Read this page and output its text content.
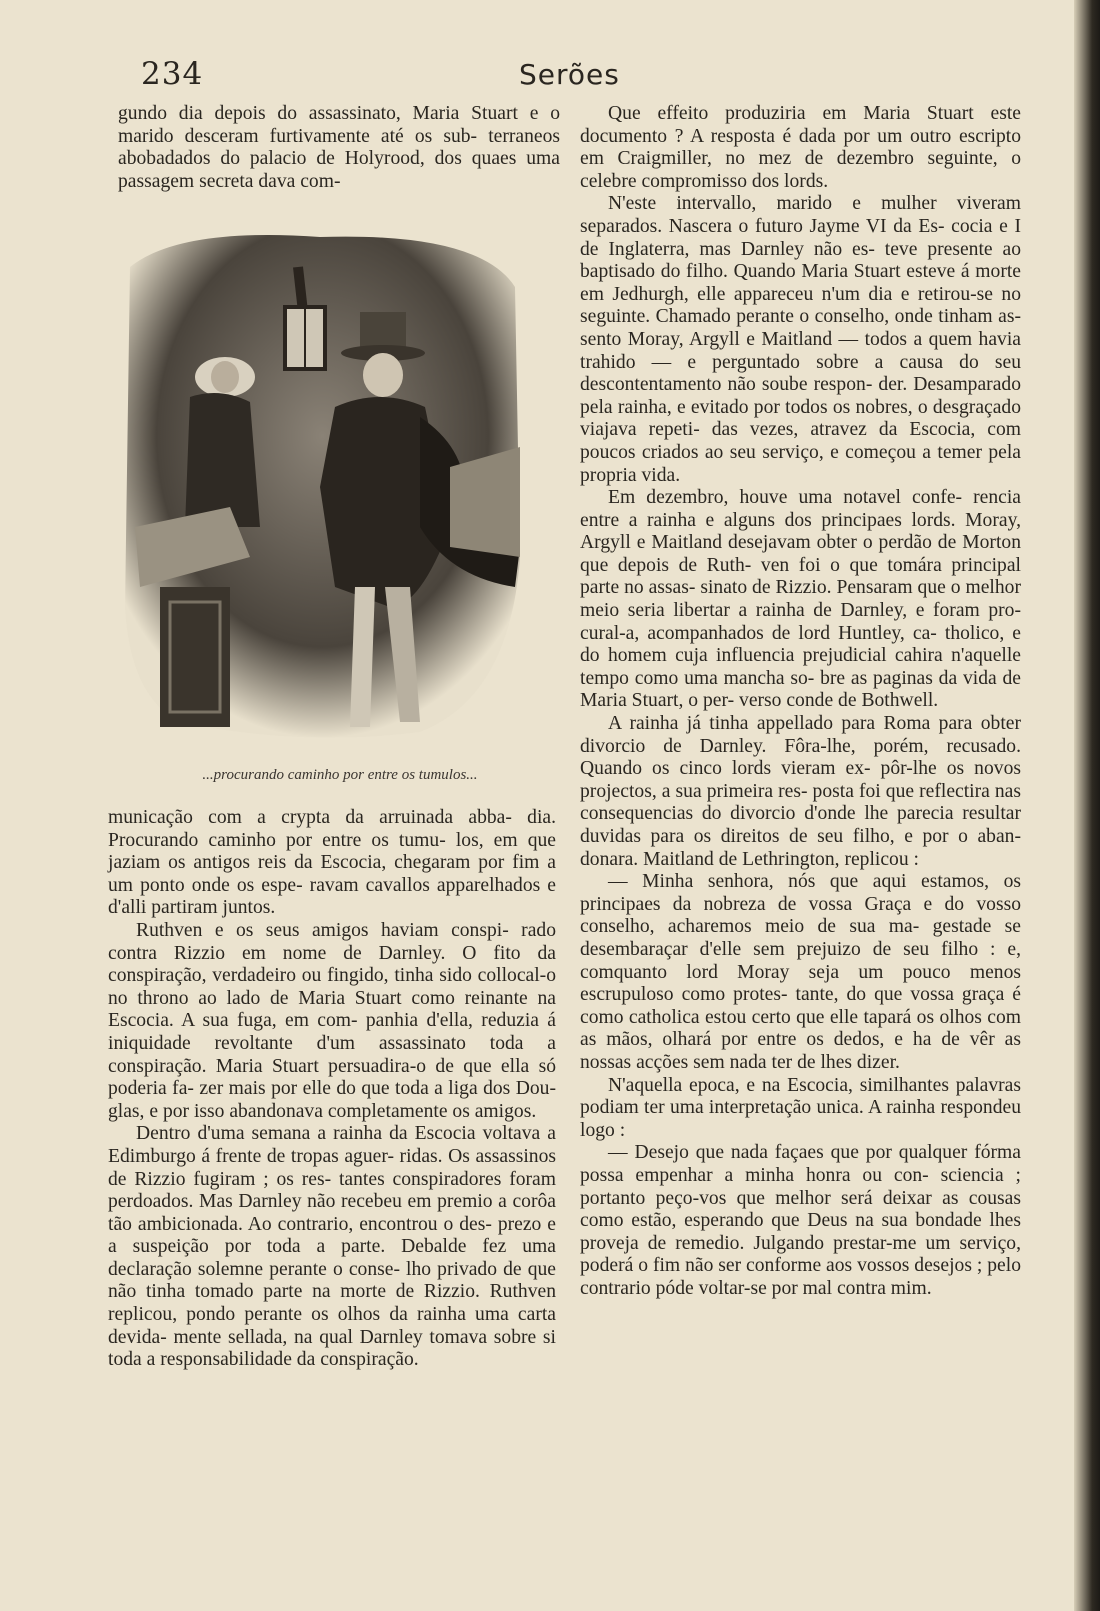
234	Serões

gundo dia depois do assassinato, Maria Stuart e o marido desceram furtivamente até os sub- terraneos abobadados do palacio de Holyrood, dos quaes uma passagem secreta dava com-

...procurando caminho por entre os tumulos...

municação com a crypta da arruinada abba- dia. Procurando caminho por entre os tumu- los, em que jaziam os antigos reis da Escocia, chegaram por fim a um ponto onde os espe- ravam cavallos apparelhados e d'alli partiram juntos.

Ruthven e os seus amigos haviam conspi- rado contra Rizzio em nome de Darnley. O fito da conspiração, verdadeiro ou fingido, tinha sido collocal-o no throno ao lado de Maria Stuart como reinante na Escocia. A sua fuga, em com- panhia d'ella, reduzia á iniquidade revoltante d'um assassinato toda a conspiração. Maria Stuart persuadira-o de que ella só poderia fa- zer mais por elle do que toda a liga dos Dou- glas, e por isso abandonava completamente os amigos.

Dentro d'uma semana a rainha da Escocia voltava a Edimburgo á frente de tropas aguer- ridas. Os assassinos de Rizzio fugiram ; os res- tantes conspiradores foram perdoados. Mas Darnley não recebeu em premio a corôa tão ambicionada. Ao contrario, encontrou o des- prezo e a suspeição por toda a parte. Debalde fez uma declaração solemne perante o conse- lho privado de que não tinha tomado parte na morte de Rizzio. Ruthven replicou, pondo perante os olhos da rainha uma carta devida- mente sellada, na qual Darnley tomava sobre si toda a responsabilidade da conspiração.

Que effeito produziria em Maria Stuart este documento ? A resposta é dada por um outro escripto em Craigmiller, no mez de dezembro seguinte, o celebre compromisso dos lords.

N'este intervallo, marido e mulher viveram separados. Nascera o futuro Jayme VI da Es- cocia e I de Inglaterra, mas Darnley não es- teve presente ao baptisado do filho. Quando Maria Stuart esteve á morte em Jedhurgh, elle appareceu n'um dia e retirou-se no seguinte. Chamado perante o conselho, onde tinham as- sento Moray, Argyll e Maitland — todos a quem havia trahido — e perguntado sobre a causa do seu descontentamento não soube respon- der. Desamparado pela rainha, e evitado por todos os nobres, o desgraçado viajava repeti- das vezes, atravez da Escocia, com poucos criados ao seu serviço, e começou a temer pela propria vida.

Em dezembro, houve uma notavel confe- rencia entre a rainha e alguns dos principaes lords. Moray, Argyll e Maitland desejavam obter o perdão de Morton que depois de Ruth- ven foi o que tomára principal parte no assas- sinato de Rizzio. Pensaram que o melhor meio seria libertar a rainha de Darnley, e foram pro- cural-a, acompanhados de lord Huntley, ca- tholico, e do homem cuja influencia prejudicial cahira n'aquelle tempo como uma mancha so- bre as paginas da vida de Maria Stuart, o per- verso conde de Bothwell.

A rainha já tinha appellado para Roma para obter divorcio de Darnley. Fôra-lhe, porém, recusado. Quando os cinco lords vieram ex- pôr-lhe os novos projectos, a sua primeira res- posta foi que reflectira nas consequencias do divorcio d'onde lhe parecia resultar duvidas para os direitos de seu filho, e por o aban- donara. Maitland de Lethrington, replicou :

— Minha senhora, nós que aqui estamos, os principaes da nobreza de vossa Graça e do vosso conselho, acharemos meio de sua ma- gestade se desembaraçar d'elle sem prejuizo de seu filho : e, comquanto lord Moray seja um pouco menos escrupuloso como protes- tante, do que vossa graça é como catholica estou certo que elle tapará os olhos com as mãos, olhará por entre os dedos, e ha de vêr as nossas acções sem nada ter de lhes dizer.

N'aquella epoca, e na Escocia, similhantes palavras podiam ter uma interpretação unica. A rainha respondeu logo :

— Desejo que nada façaes que por qualquer fórma possa empenhar a minha honra ou con- sciencia ; portanto peço-vos que melhor será deixar as cousas como estão, esperando que Deus na sua bondade lhes proveja de remedio. Julgando prestar-me um serviço, poderá o fim não ser conforme aos vossos desejos ; pelo contrario póde voltar-se por mal contra mim.
